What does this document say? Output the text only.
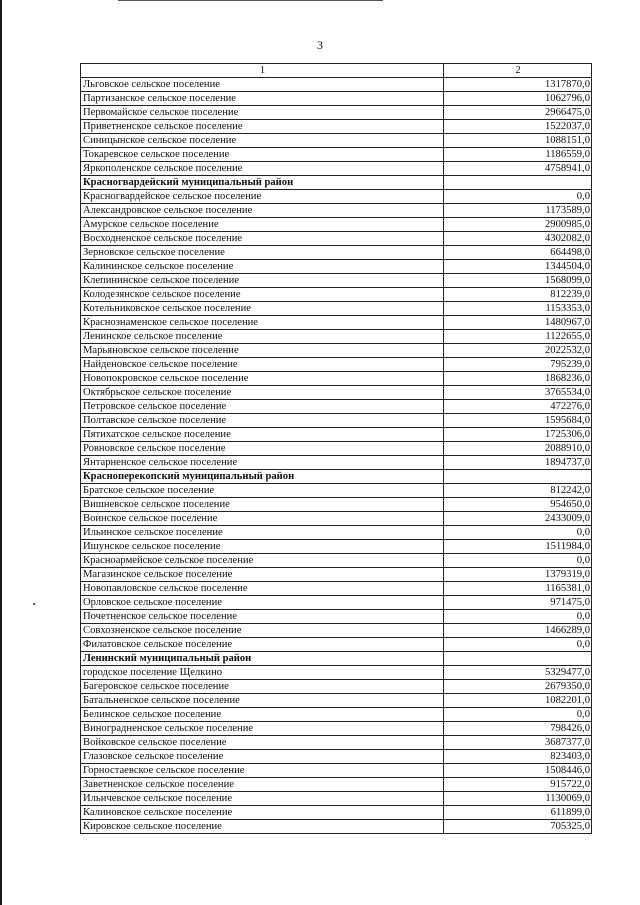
3
1	2
Льговское сельское поселение	1317870,0
Партизанское сельское поселение	1062796,0
Первомайское сельское поселение	2966475,0
Приветненское сельское поселение	1522037,0
Синицынское сельское поселение	1088151,0
Токаревское сельское поселение	1186559,0
Яркополенское сельское поселение	4758941,0
Красногвардейский муниципальный район	
Красногвардейское сельское поселение	0,0
Александровское сельское поселение	1173589,0
Амурское сельское поселение	2900985,0
Восходненское сельское поселение	4302082,0
Зерновское сельское поселение	664498,0
Калининское сельское поселение	1344504,0
Клепининское сельское поселение	1568099,0
Колодезянское сельское поселение	812239,0
Котельниковское сельское поселение	1153353,0
Краснознаменское сельское поселение	1480967,0
Ленинское сельское поселение	1122655,0
Марьяновское сельское поселение	2022532,0
Найденовское сельское поселение	795239,0
Новопокровское сельское поселение	1868236,0
Октябрьское сельское поселение	3765534,0
Петровское сельское поселение	472276,0
Полтавское сельское поселение	1595684,0
Пятихатское сельское поселение	1725306,0
Ровновское сельское поселение	2088910,0
Янтарненское сельское поселение	1894737,0
Красноперекопский муниципальный район	
Братское сельское поселение	812242,0
Вишневское сельское поселение	954650,0
Воинское сельское поселение	2433009,0
Ильинское сельское поселение	0,0
Ишунское сельское поселение	1511984,0
Красноармейское сельское поселение	0,0
Магазинское сельское поселение	1379319,0
Новопавловское сельское поселение	1165381,0
Орловское сельское поселение	971475,0
Почетненское сельское поселение	0,0
Совхозненское сельское поселение	1466289,0
Филатовское сельское поселение	0,0
Ленинский муниципальный район	
городское поселение Щелкино	5329477,0
Багеровское сельское поселение	2679350,0
Батальненское сельское поселение	1082201,0
Белинское сельское поселение	0,0
Виноградненское сельское поселение	798426,0
Войковское сельское поселение	3687377,0
Глазовское сельское поселение	823403,0
Горностаевское сельское поселение	1508446,0
Заветненское сельское поселение	915722,0
Ильичевское сельское поселение	1130069,0
Калиновское сельское поселение	611899,0
Кировское сельское поселение	705325,0
